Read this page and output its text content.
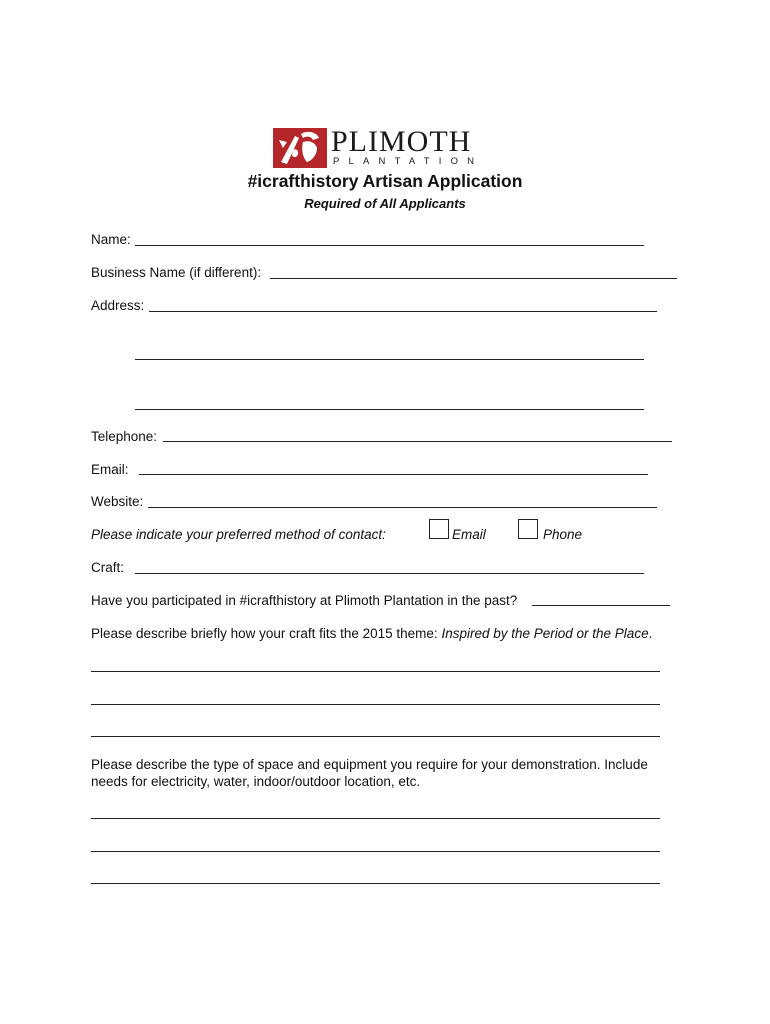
PLIMOTH
PLANTATION
#icrafthistory Artisan Application
Required of All Applicants
Name:
Business Name (if different):
Address:
Telephone:
Email:
Website:
Please indicate your preferred method of contact:	Email	Phone
Craft:
Have you participated in #icrafthistory at Plimoth Plantation in the past?
Please describe briefly how your craft fits the 2015 theme: Inspired by the Period or the Place.
Please describe the type of space and equipment you require for your demonstration. Include needs for electricity, water, indoor/outdoor location, etc.
